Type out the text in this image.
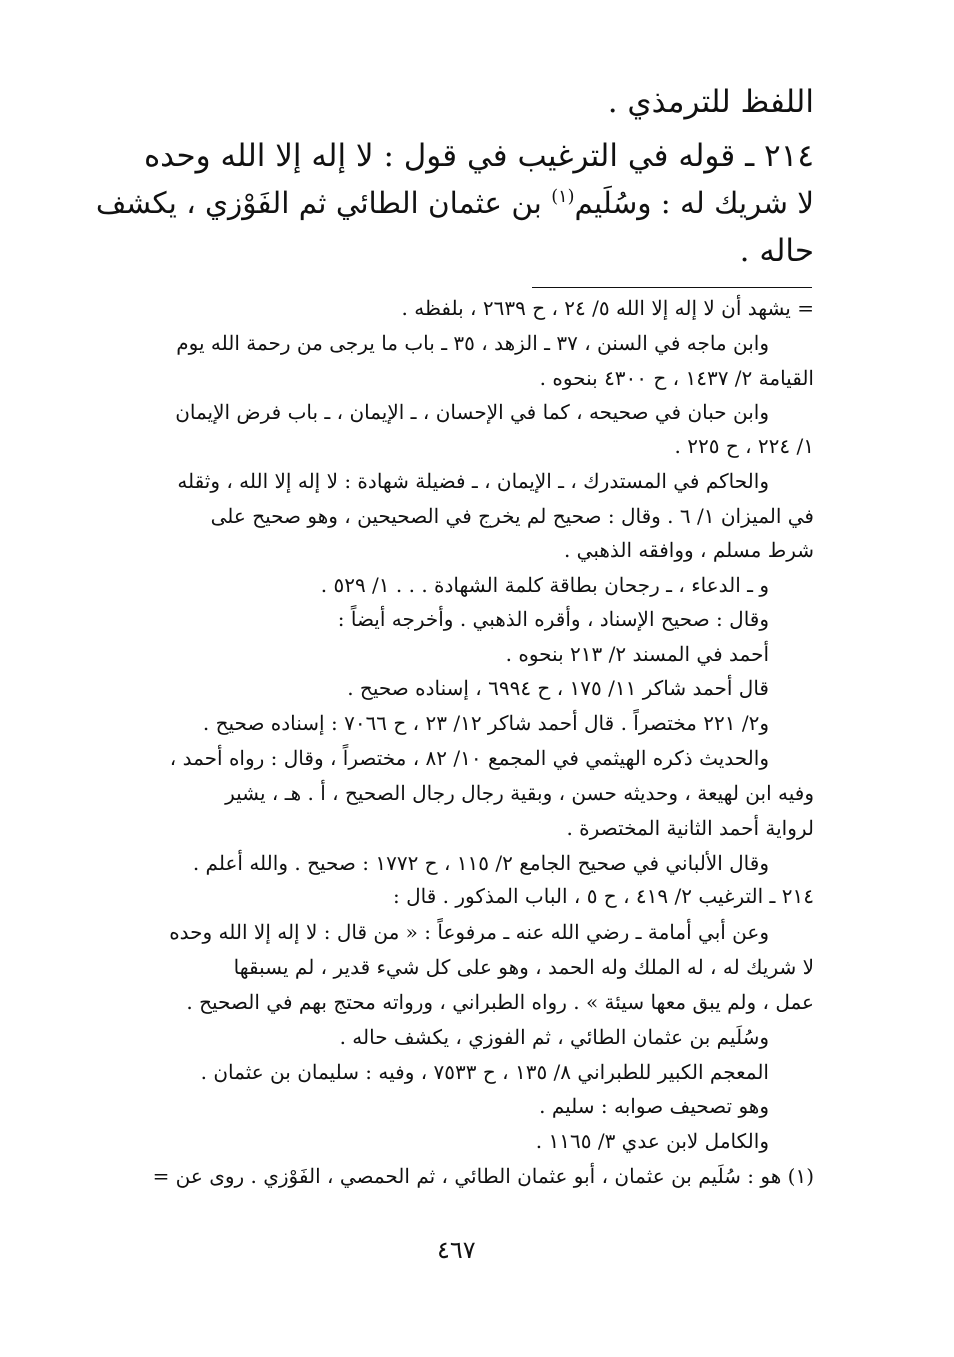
اللفظ للترمذي .
٢١٤ ـ قوله في الترغيب في قول : لا إله إلا الله وحده
لا شريك له : وسُلَيم$^{(١)}$ بن عثمان الطائي ثم الفَوْزي ، يكشف
حاله .
= يشهد أن لا إله إلا الله ٥/ ٢٤ ، ح ٢٦٣٩ ، بلفظه .
وابن ماجه في السنن ، ٣٧ ـ الزهد ، ٣٥ ـ باب ما يرجى من رحمة الله يوم
القيامة ٢/ ١٤٣٧ ، ح ٤٣٠٠ بنحوه .
وابن حبان في صحيحه ، كما في الإحسان ، ـ الإيمان ، ـ باب فرض الإيمان
١/ ٢٢٤ ، ح ٢٢٥ .
والحاكم في المستدرك ، ـ الإيمان ، ـ فضيلة شهادة : لا إله إلا الله ، وثقله
في الميزان ١/ ٦ . وقال : صحيح لم يخرج في الصحيحين ، وهو صحيح على
شرط مسلم ، ووافقه الذهبي .
و ـ الدعاء ، ـ رجحان بطاقة كلمة الشهادة . . . ١/ ٥٢٩ .
وقال : صحيح الإسناد ، وأقره الذهبي . وأخرجه أيضاً :
أحمد في المسند ٢/ ٢١٣ بنحوه .
قال أحمد شاكر ١١/ ١٧٥ ، ح ٦٩٩٤ ، إسناده صحيح .
و٢/ ٢٢١ مختصراً . قال أحمد شاكر ١٢/ ٢٣ ، ح ٧٠٦٦ : إسناده صحيح .
والحديث ذكره الهيثمي في المجمع ١٠/ ٨٢ ، مختصراً ، وقال : رواه أحمد ،
وفيه ابن لهيعة ، وحديثه حسن ، وبقية رجال رجال الصحيح ، أ . هـ ، يشير
لرواية أحمد الثانية المختصرة .
وقال الألباني في صحيح الجامع ٢/ ١١٥ ، ح ١٧٧٢ : صحيح . والله أعلم .
٢١٤ ـ الترغيب ٢/ ٤١٩ ، ح ٥ ، الباب المذكور . قال :
وعن أبي أمامة ـ رضي الله عنه ـ مرفوعاً : « من قال : لا إله إلا الله وحده
لا شريك له ، له الملك وله الحمد ، وهو على كل شيء قدير ، لم يسبقها
عمل ، ولم يبق معها سيئة » . رواه الطبراني ، ورواته محتج بهم في الصحيح .
وسُلَيم بن عثمان الطائي ، ثم الفوزي ، يكشف حاله .
المعجم الكبير للطبراني ٨/ ١٣٥ ، ح ٧٥٣٣ ، وفيه : سليمان بن عثمان .
وهو تصحيف صوابه : سليم .
والكامل لابن عدي ٣/ ١١٦٥ .
(١) هو : سُلَيم بن عثمان ، أبو عثمان الطائي ، ثم الحمصي ، الفَوْزي . روى عن =
٤٦٧
